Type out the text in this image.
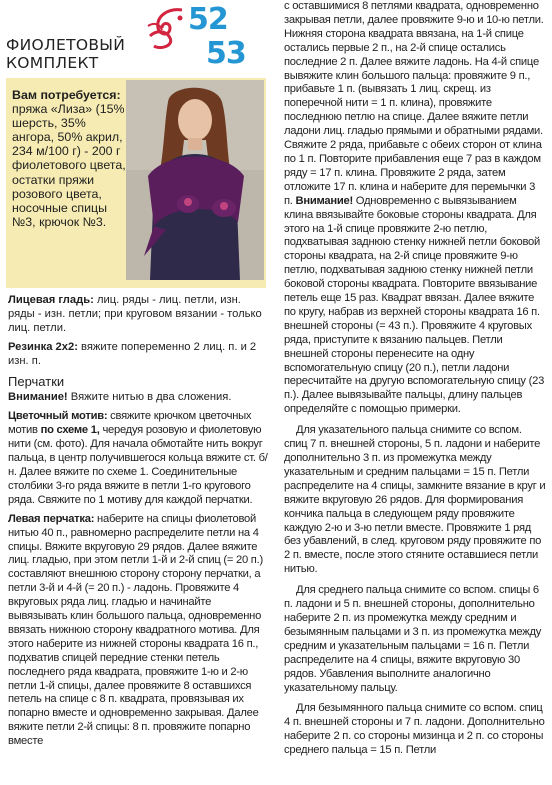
ФИОЛЕТОВЫЙ
КОМПЛЕКТ
52
53
Вам потребуется: пряжа «Лиза» (15% шерсть, 35% ангора, 50% акрил, 234 м/100 г) - 200 г фиолетового цвета, остатки пряжи розового цвета, носочные спицы №3, крючок №3.

Лицевая гладь: лиц. ряды - лиц. петли, изн. ряды - изн. петли; при круговом вязании - только лиц. петли.

Резинка 2х2: вяжите попеременно 2 лиц. п. и 2 изн. п.

Перчатки

Внимание! Вяжите нитью в два сложения.

Цветочный мотив: свяжите крючком цветочных мотив по схеме 1, чередуя розовую и фиолетовую нити (см. фото). Для начала обмотайте нить вокруг пальца, в центр получившегося кольца вяжите ст. б/н. Далее вяжите по схеме 1. Соединительные столбики 3-го ряда вяжите в петли 1-го кругового ряда. Свяжите по 1 мотиву для каждой перчатки.

Левая перчатка: наберите на спицы фиолетовой нитью 40 п., равномерно распределите петли на 4 спицы. Вяжите вкруговую 29 рядов. Далее вяжите лиц. гладью, при этом петли 1-й и 2-й спиц (= 20 п.) составляют внешнюю сторону сторону перчатки, а петли 3-й и 4-й (= 20 п.) - ладонь. Провяжите 4 вкруговых ряда лиц. гладью и начинайте вывязывать клин большого пальца, одновременно ввязать нижнюю сторону квадратного мотива. Для этого наберите из нижней стороны квадрата 16 п., подхватив спицей передние стенки петель последнего ряда квадрата, провяжите 1-ю и 2-ю петли 1-й спицы, далее провяжите 8 оставшихся петель на спице с 8 п. квадрата, провязывая их попарно вместе и одновременно закрывая. Далее вяжите петли 2-й спицы: 8 п. провяжите попарно вместе

с оставшимися 8 петлями квадрата, одновременно закрывая петли, далее провяжите 9-ю и 10-ю петли. Нижняя сторона квадрата ввязана, на 1-й спице остались первые 2 п., на 2-й спице остались последние 2 п. Далее вяжите ладонь. На 4-й спице вывяжите клин большого пальца: провяжите 9 п., прибавьте 1 п. (вывязать 1 лиц. скрещ. из поперечной нити = 1 п. клина), провяжите последнюю петлю на спице. Далее вяжите петли ладони лиц. гладью прямыми и обратными рядами. Свяжите 2 ряда, прибавьте с обеих сторон от клина по 1 п. Повторите прибавления еще 7 раз в каждом ряду = 17 п. клина. Провяжите 2 ряда, затем отложите 17 п. клина и наберите для перемычки 3 п. Внимание! Одновременно с вывязыванием клина ввязывайте боковые стороны квадрата. Для этого на 1-й спице провяжите 2-ю петлю, подхватывая заднюю стенку нижней петли боковой стороны квадрата, на 2-й спице провяжите 9-ю петлю, подхватывая заднюю стенку нижней петли боковой стороны квадрата. Повторите ввязывание петель еще 15 раз. Квадрат ввязан. Далее вяжите по кругу, набрав из верхней стороны квадрата 16 п. внешней стороны (= 43 п.). Провяжите 4 круговых ряда, приступите к вязанию пальцев. Петли внешней стороны перенесите на одну вспомогательную спицу (20 п.), петли ладони пересчитайте на другую вспомогательную спицу (23 п.). Далее вывязывайте пальцы, длину пальцев определяйте с помощью примерки.

Для указательного пальца снимите со вспом. спиц 7 п. внешней стороны, 5 п. ладони и наберите дополнительно 3 п. из промежутка между указательным и средним пальцами = 15 п. Петли распределите на 4 спицы, замкните вязание в круг и вяжите вкруговую 26 рядов. Для формирования кончика пальца в следующем ряду провяжите каждую 2-ю и 3-ю петли вместе. Провяжите 1 ряд без убавлений, в след. круговом ряду провяжите по 2 п. вместе, после этого стяните оставшиеся петли нитью.

Для среднего пальца снимите со вспом. спицы 6 п. ладони и 5 п. внешней стороны, дополнительно наберите 2 п. из промежутка между средним и безымянным пальцами и 3 п. из промежутка между средним и указательным пальцами = 16 п. Петли распределите на 4 спицы, вяжите вкруговую 30 рядов. Убавления выполните аналогично указательному пальцу.

Для безымянного пальца снимите со вспом. спиц 4 п. внешней стороны и 7 п. ладони. Дополнительно наберите 2 п. со стороны мизинца и 2 п. со стороны среднего пальца = 15 п. Петли
